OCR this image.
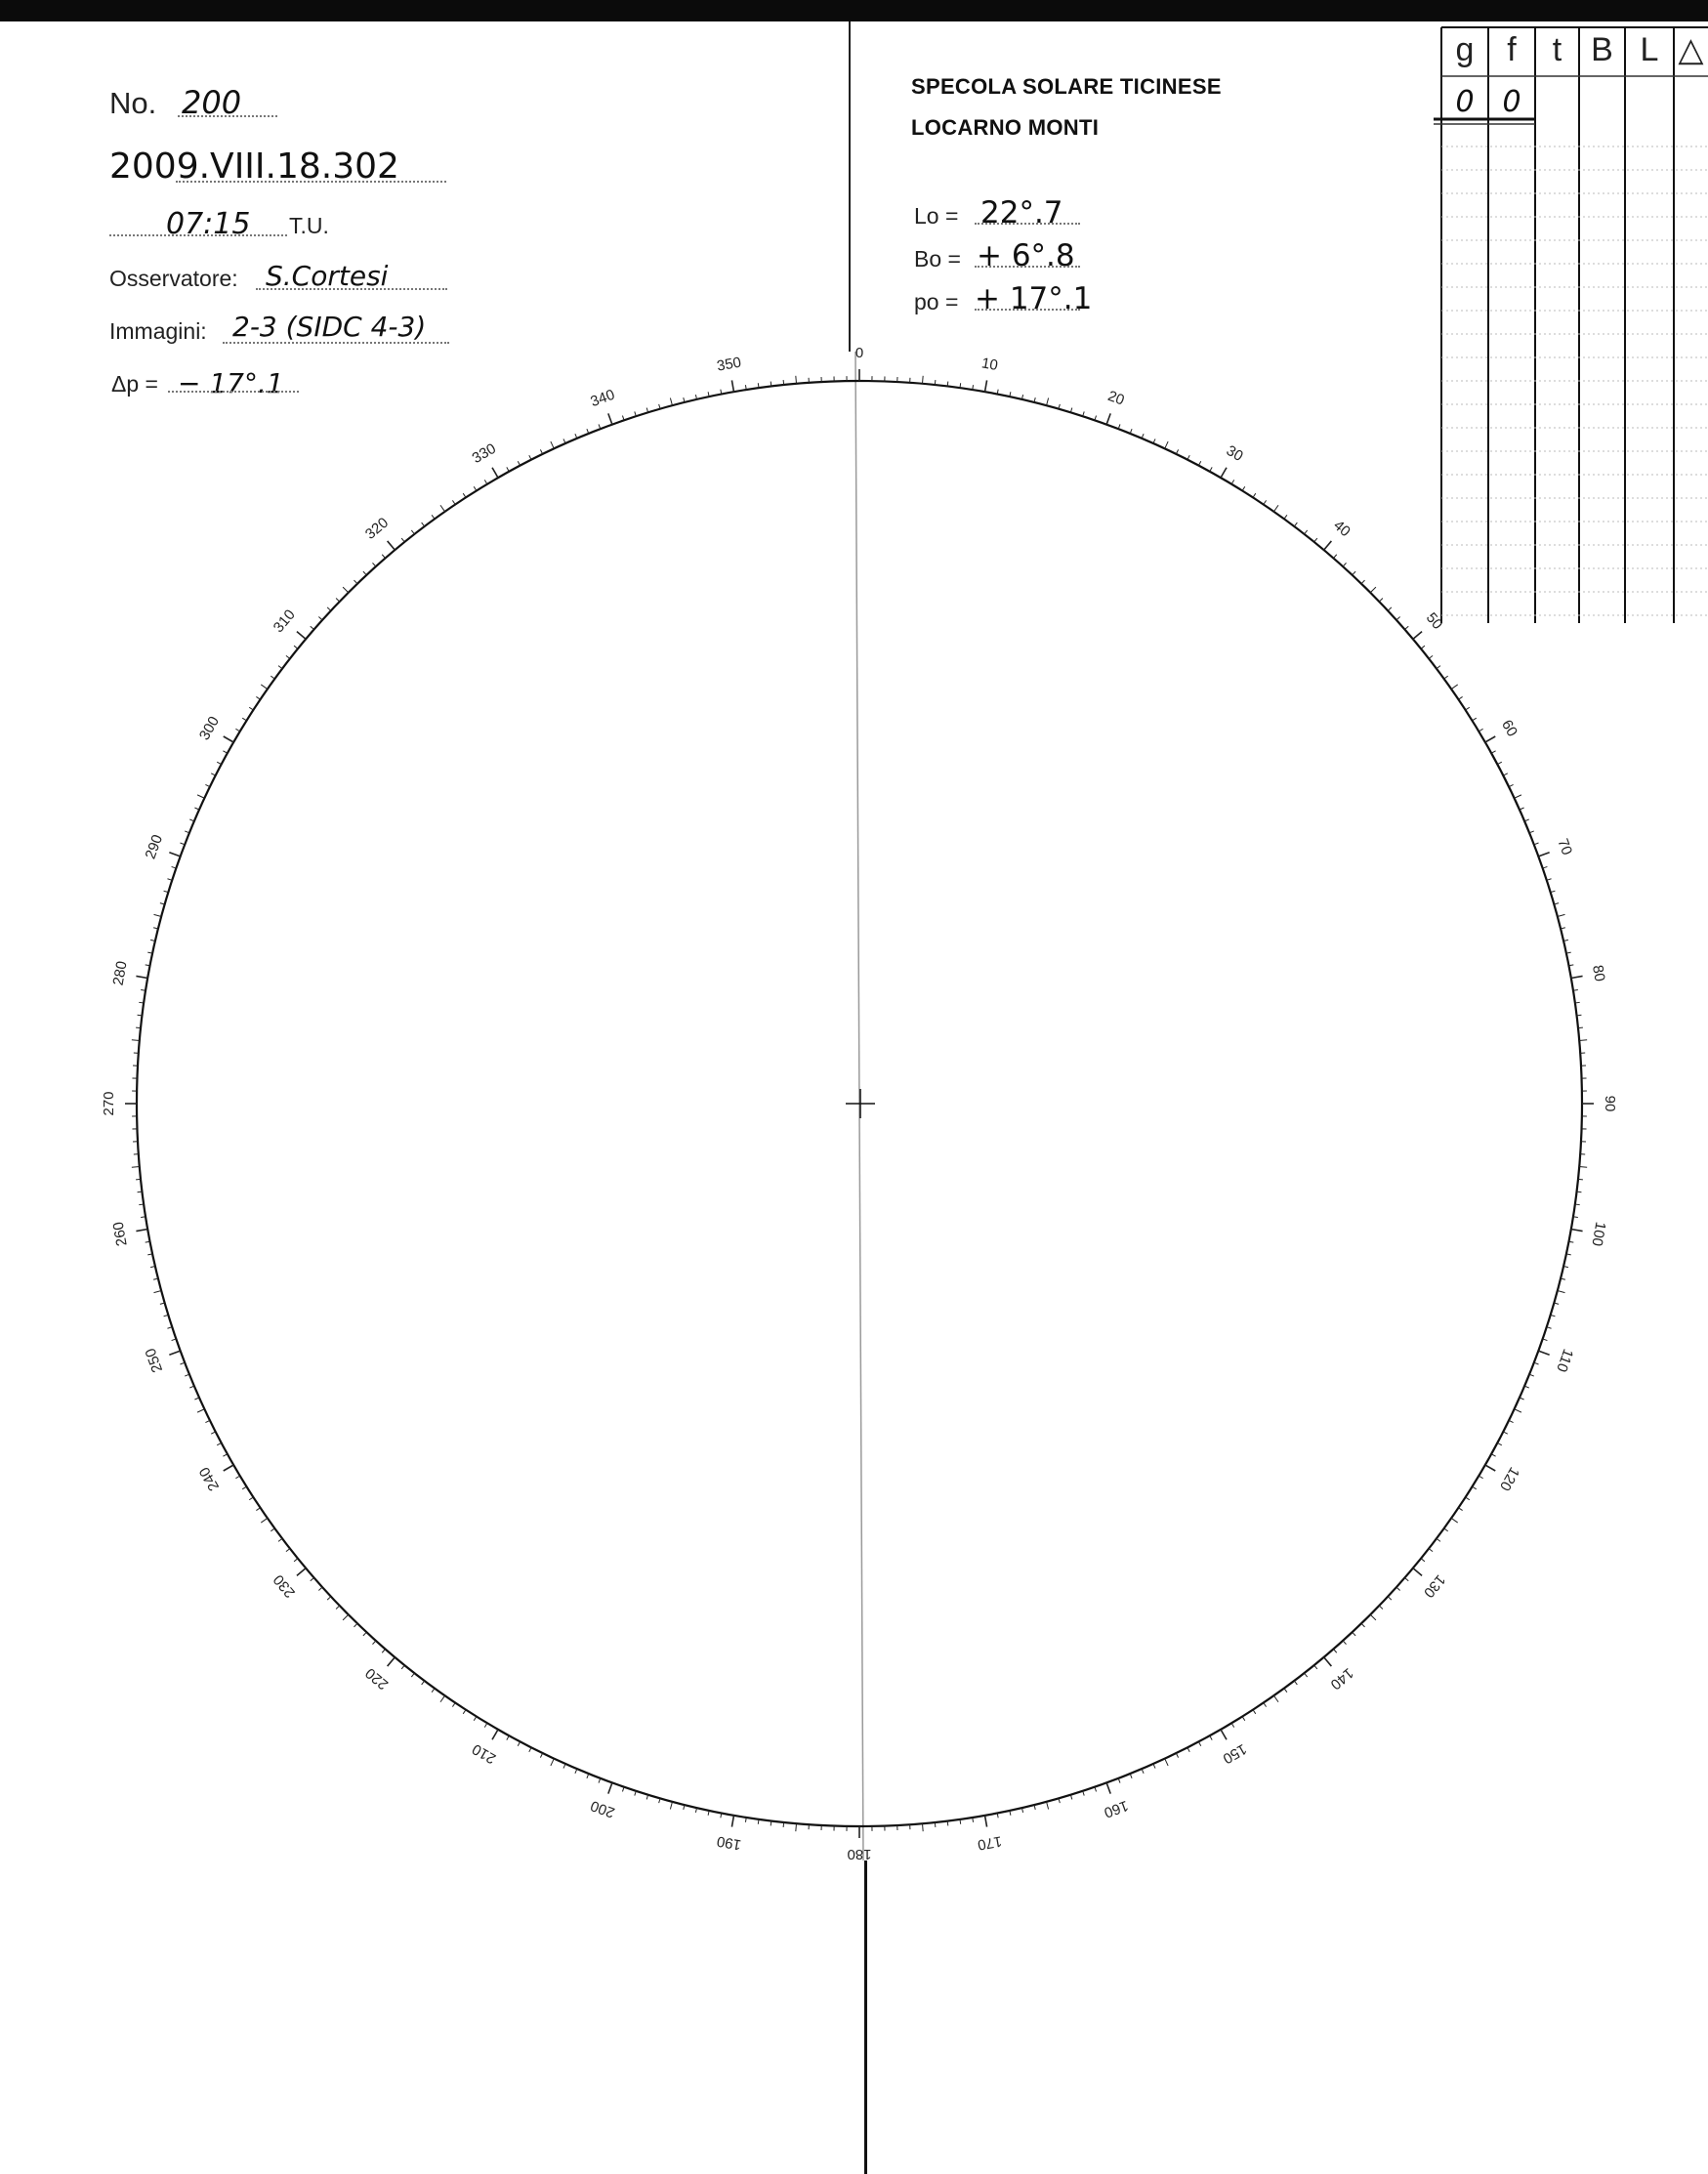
No. 200
2009.VIII.18.302
07:15 T.U.
Osservatore: S.Cortesi
Immagini: 2-3 (SIDC 4-3)
Δp = − 17°.1
SPECOLA SOLARE TICINESE
LOCARNO MONTI
Lo = 22°.7
Bo = + 6°.8
po = + 17°.1
g f t B L △
0 0
0
10
20
30
40
50
60
70
80
90
100
110
120
130
140
150
160
170
180
190
200
210
220
230
240
250
260
270
280
290
300
310
320
330
340
350
